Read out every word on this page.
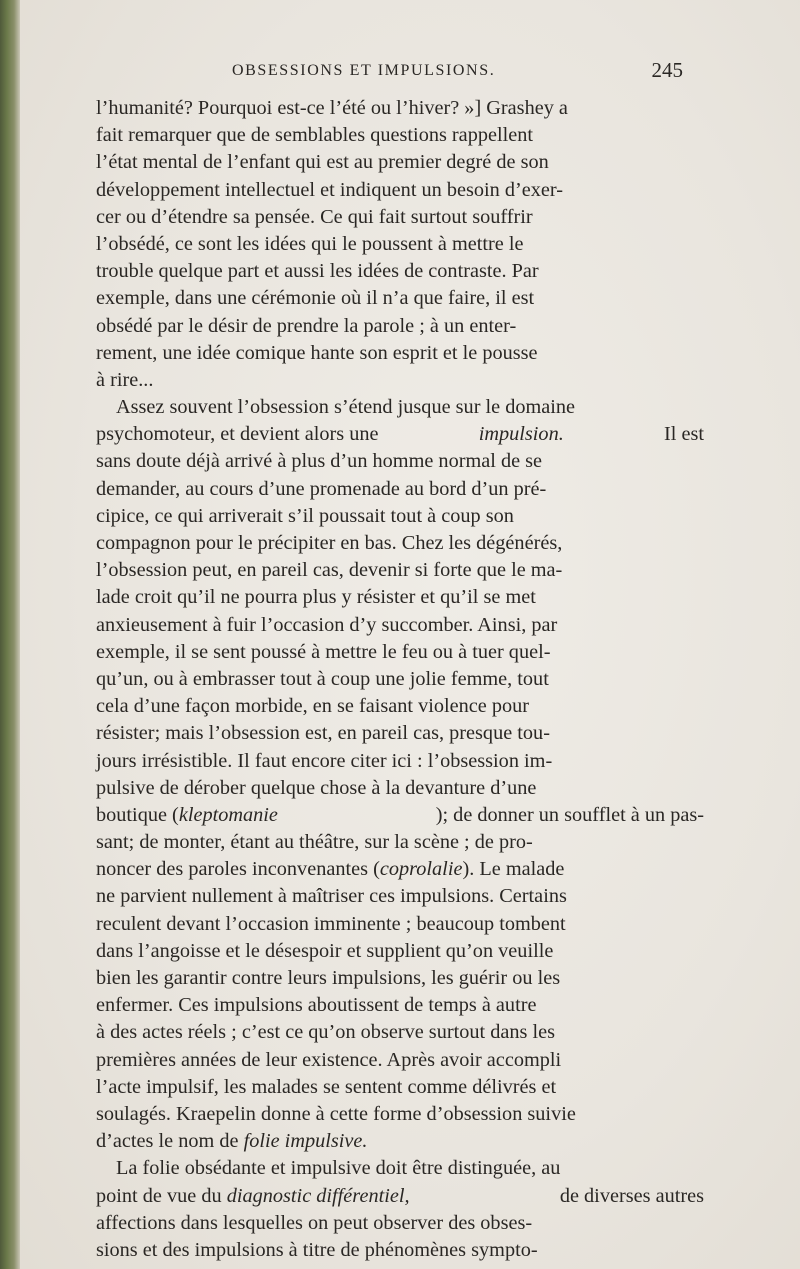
OBSESSIONS ET IMPULSIONS.	245
l’humanité? Pourquoi est-ce l’été ou l’hiver? »] Grashey a
fait remarquer que de semblables questions rappellent
l’état mental de l’enfant qui est au premier degré de son
développement intellectuel et indiquent un besoin d’exer-
cer ou d’étendre sa pensée. Ce qui fait surtout souffrir
l’obsédé, ce sont les idées qui le poussent à mettre le
trouble quelque part et aussi les idées de contraste. Par
exemple, dans une cérémonie où il n’a que faire, il est
obsédé par le désir de prendre la parole ; à un enter-
rement, une idée comique hante son esprit et le pousse
à rire...
Assez souvent l’obsession s’étend jusque sur le domaine
psychomoteur, et devient alors une	impulsion.	Il est
sans doute déjà arrivé à plus d’un homme normal de se
demander, au cours d’une promenade au bord d’un pré-
cipice, ce qui arriverait s’il poussait tout à coup son
compagnon pour le précipiter en bas. Chez les dégénérés,
l’obsession peut, en pareil cas, devenir si forte que le ma-
lade croit qu’il ne pourra plus y résister et qu’il se met
anxieusement à fuir l’occasion d’y succomber. Ainsi, par
exemple, il se sent poussé à mettre le feu ou à tuer quel-
qu’un, ou à embrasser tout à coup une jolie femme, tout
cela d’une façon morbide, en se faisant violence pour
résister; mais l’obsession est, en pareil cas, presque tou-
jours irrésistible. Il faut encore citer ici : l’obsession im-
pulsive de dérober quelque chose à la devanture d’une
boutique (kleptomanie	); de donner un soufflet à un pas-
sant; de monter, étant au théâtre, sur la scène ; de pro-
noncer des paroles inconvenantes (coprolalie). Le malade
ne parvient nullement à maîtriser ces impulsions. Certains
reculent devant l’occasion imminente ; beaucoup tombent
dans l’angoisse et le désespoir et supplient qu’on veuille
bien les garantir contre leurs impulsions, les guérir ou les
enfermer. Ces impulsions aboutissent de temps à autre
à des actes réels ; c’est ce qu’on observe surtout dans les
premières années de leur existence. Après avoir accompli
l’acte impulsif, les malades se sentent comme délivrés et
soulagés. Kraepelin donne à cette forme d’obsession suivie
d’actes le nom de
folie impulsive.
La folie obsédante et impulsive doit être distinguée, au
point de vue du diagnostic différentiel,	de diverses autres
affections dans lesquelles on peut observer des obses-
sions et des impulsions à titre de phénomènes sympto-
